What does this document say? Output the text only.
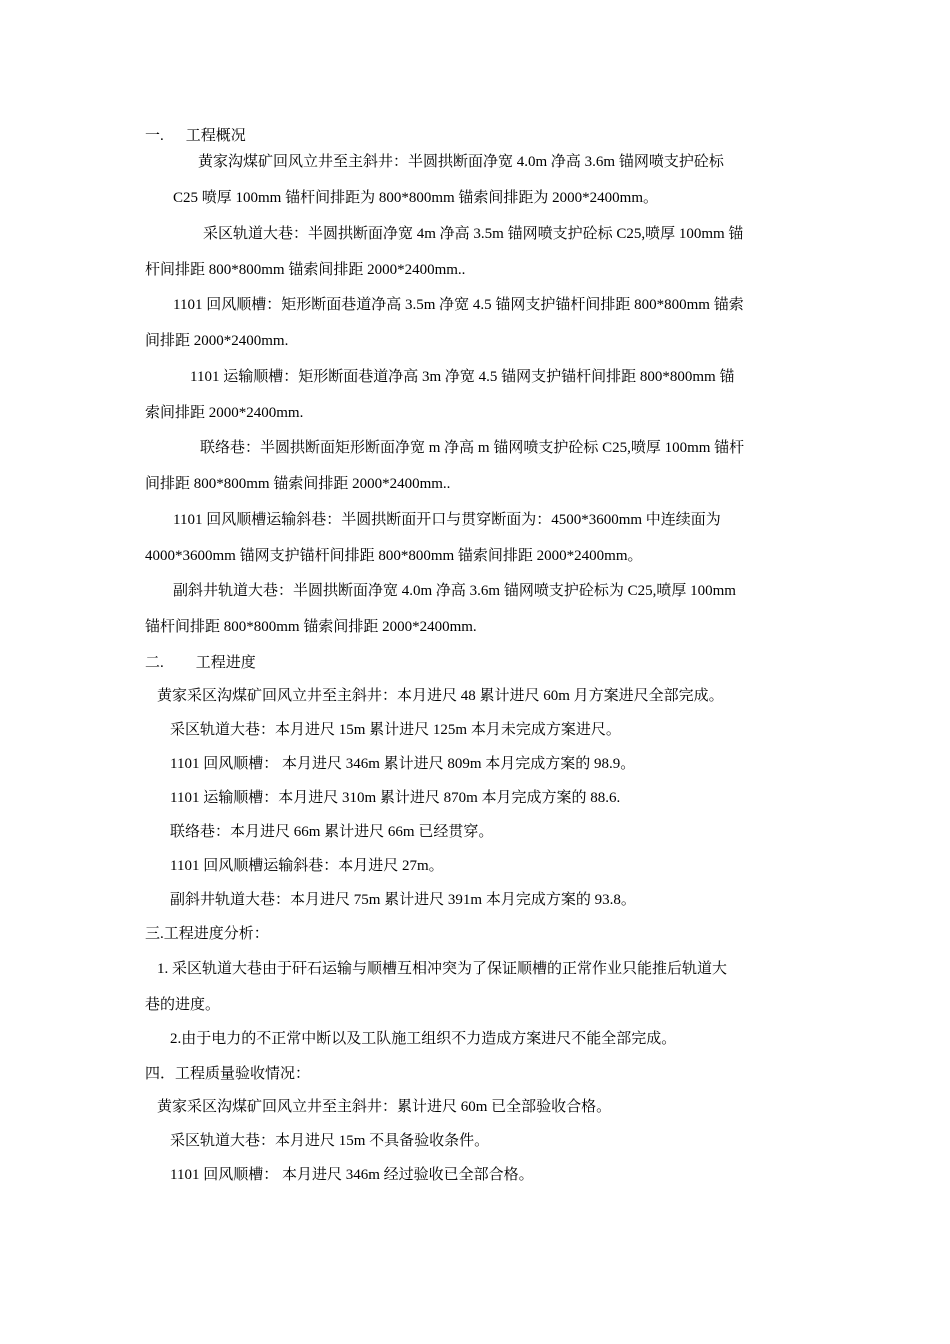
一. 工程概况
黄家沟煤矿回风立井至主斜井：半圆拱断面净宽 4.0m 净高 3.6m 锚网喷支护砼标
C25 喷厚 100mm 锚杆间排距为 800*800mm 锚索间排距为 2000*2400mm。
采区轨道大巷：半圆拱断面净宽 4m 净高 3.5m 锚网喷支护砼标 C25,喷厚 100mm 锚
杆间排距 800*800mm 锚索间排距 2000*2400mm..
1101 回风顺槽：矩形断面巷道净高 3.5m 净宽 4.5 锚网支护锚杆间排距 800*800mm 锚索
间排距 2000*2400mm.
1101 运输顺槽：矩形断面巷道净高 3m 净宽 4.5 锚网支护锚杆间排距 800*800mm 锚
索间排距 2000*2400mm.
联络巷：半圆拱断面矩形断面净宽 m 净高 m 锚网喷支护砼标 C25,喷厚 100mm 锚杆
间排距 800*800mm 锚索间排距 2000*2400mm..
1101 回风顺槽运输斜巷：半圆拱断面开口与贯穿断面为：4500*3600mm 中连续面为
4000*3600mm 锚网支护锚杆间排距 800*800mm 锚索间排距 2000*2400mm。
副斜井轨道大巷：半圆拱断面净宽 4.0m 净高 3.6m 锚网喷支护砼标为 C25,喷厚 100mm
锚杆间排距 800*800mm 锚索间排距 2000*2400mm.
二. 工程进度
黄家采区沟煤矿回风立井至主斜井：本月进尺 48 累计进尺 60m 月方案进尺全部完成。
采区轨道大巷：本月进尺 15m 累计进尺 125m 本月未完成方案进尺。
1101 回风顺槽： 本月进尺 346m 累计进尺 809m 本月完成方案的 98.9。
1101 运输顺槽：本月进尺 310m 累计进尺 870m 本月完成方案的 88.6.
联络巷：本月进尺 66m 累计进尺 66m 已经贯穿。
1101 回风顺槽运输斜巷：本月进尺 27m。
副斜井轨道大巷：本月进尺 75m 累计进尺 391m 本月完成方案的 93.8。
三.工程进度分析：
1. 采区轨道大巷由于矸石运输与顺槽互相冲突为了保证顺槽的正常作业只能推后轨道大
巷的进度。
2.由于电力的不正常中断以及工队施工组织不力造成方案进尺不能全部完成。
四．工程质量验收情况：
黄家采区沟煤矿回风立井至主斜井：累计进尺 60m 已全部验收合格。
采区轨道大巷：本月进尺 15m 不具备验收条件。
1101 回风顺槽： 本月进尺 346m 经过验收已全部合格。
